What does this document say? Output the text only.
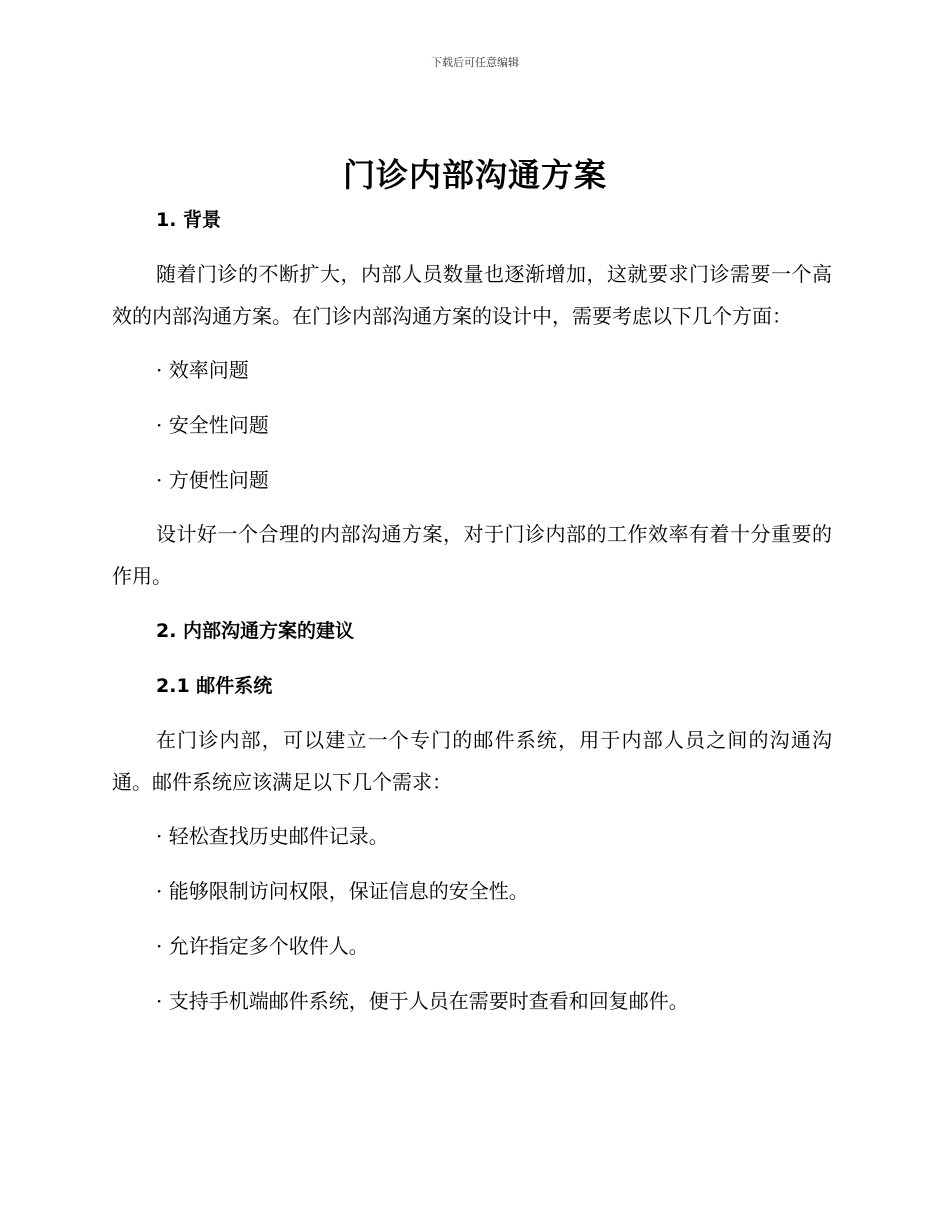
下载后可任意编辑
门诊内部沟通方案
1. 背景

随着门诊的不断扩大，内部人员数量也逐渐增加，这就要求门诊需要一个高效的内部沟通方案。在门诊内部沟通方案的设计中，需要考虑以下几个方面：

· 效率问题
· 安全性问题
· 方便性问题

设计好一个合理的内部沟通方案，对于门诊内部的工作效率有着十分重要的作用。

2. 内部沟通方案的建议
2.1 邮件系统

在门诊内部，可以建立一个专门的邮件系统，用于内部人员之间的沟通沟通。邮件系统应该满足以下几个需求：

· 轻松查找历史邮件记录。
· 能够限制访问权限，保证信息的安全性。
· 允许指定多个收件人。
· 支持手机端邮件系统，便于人员在需要时查看和回复邮件。
